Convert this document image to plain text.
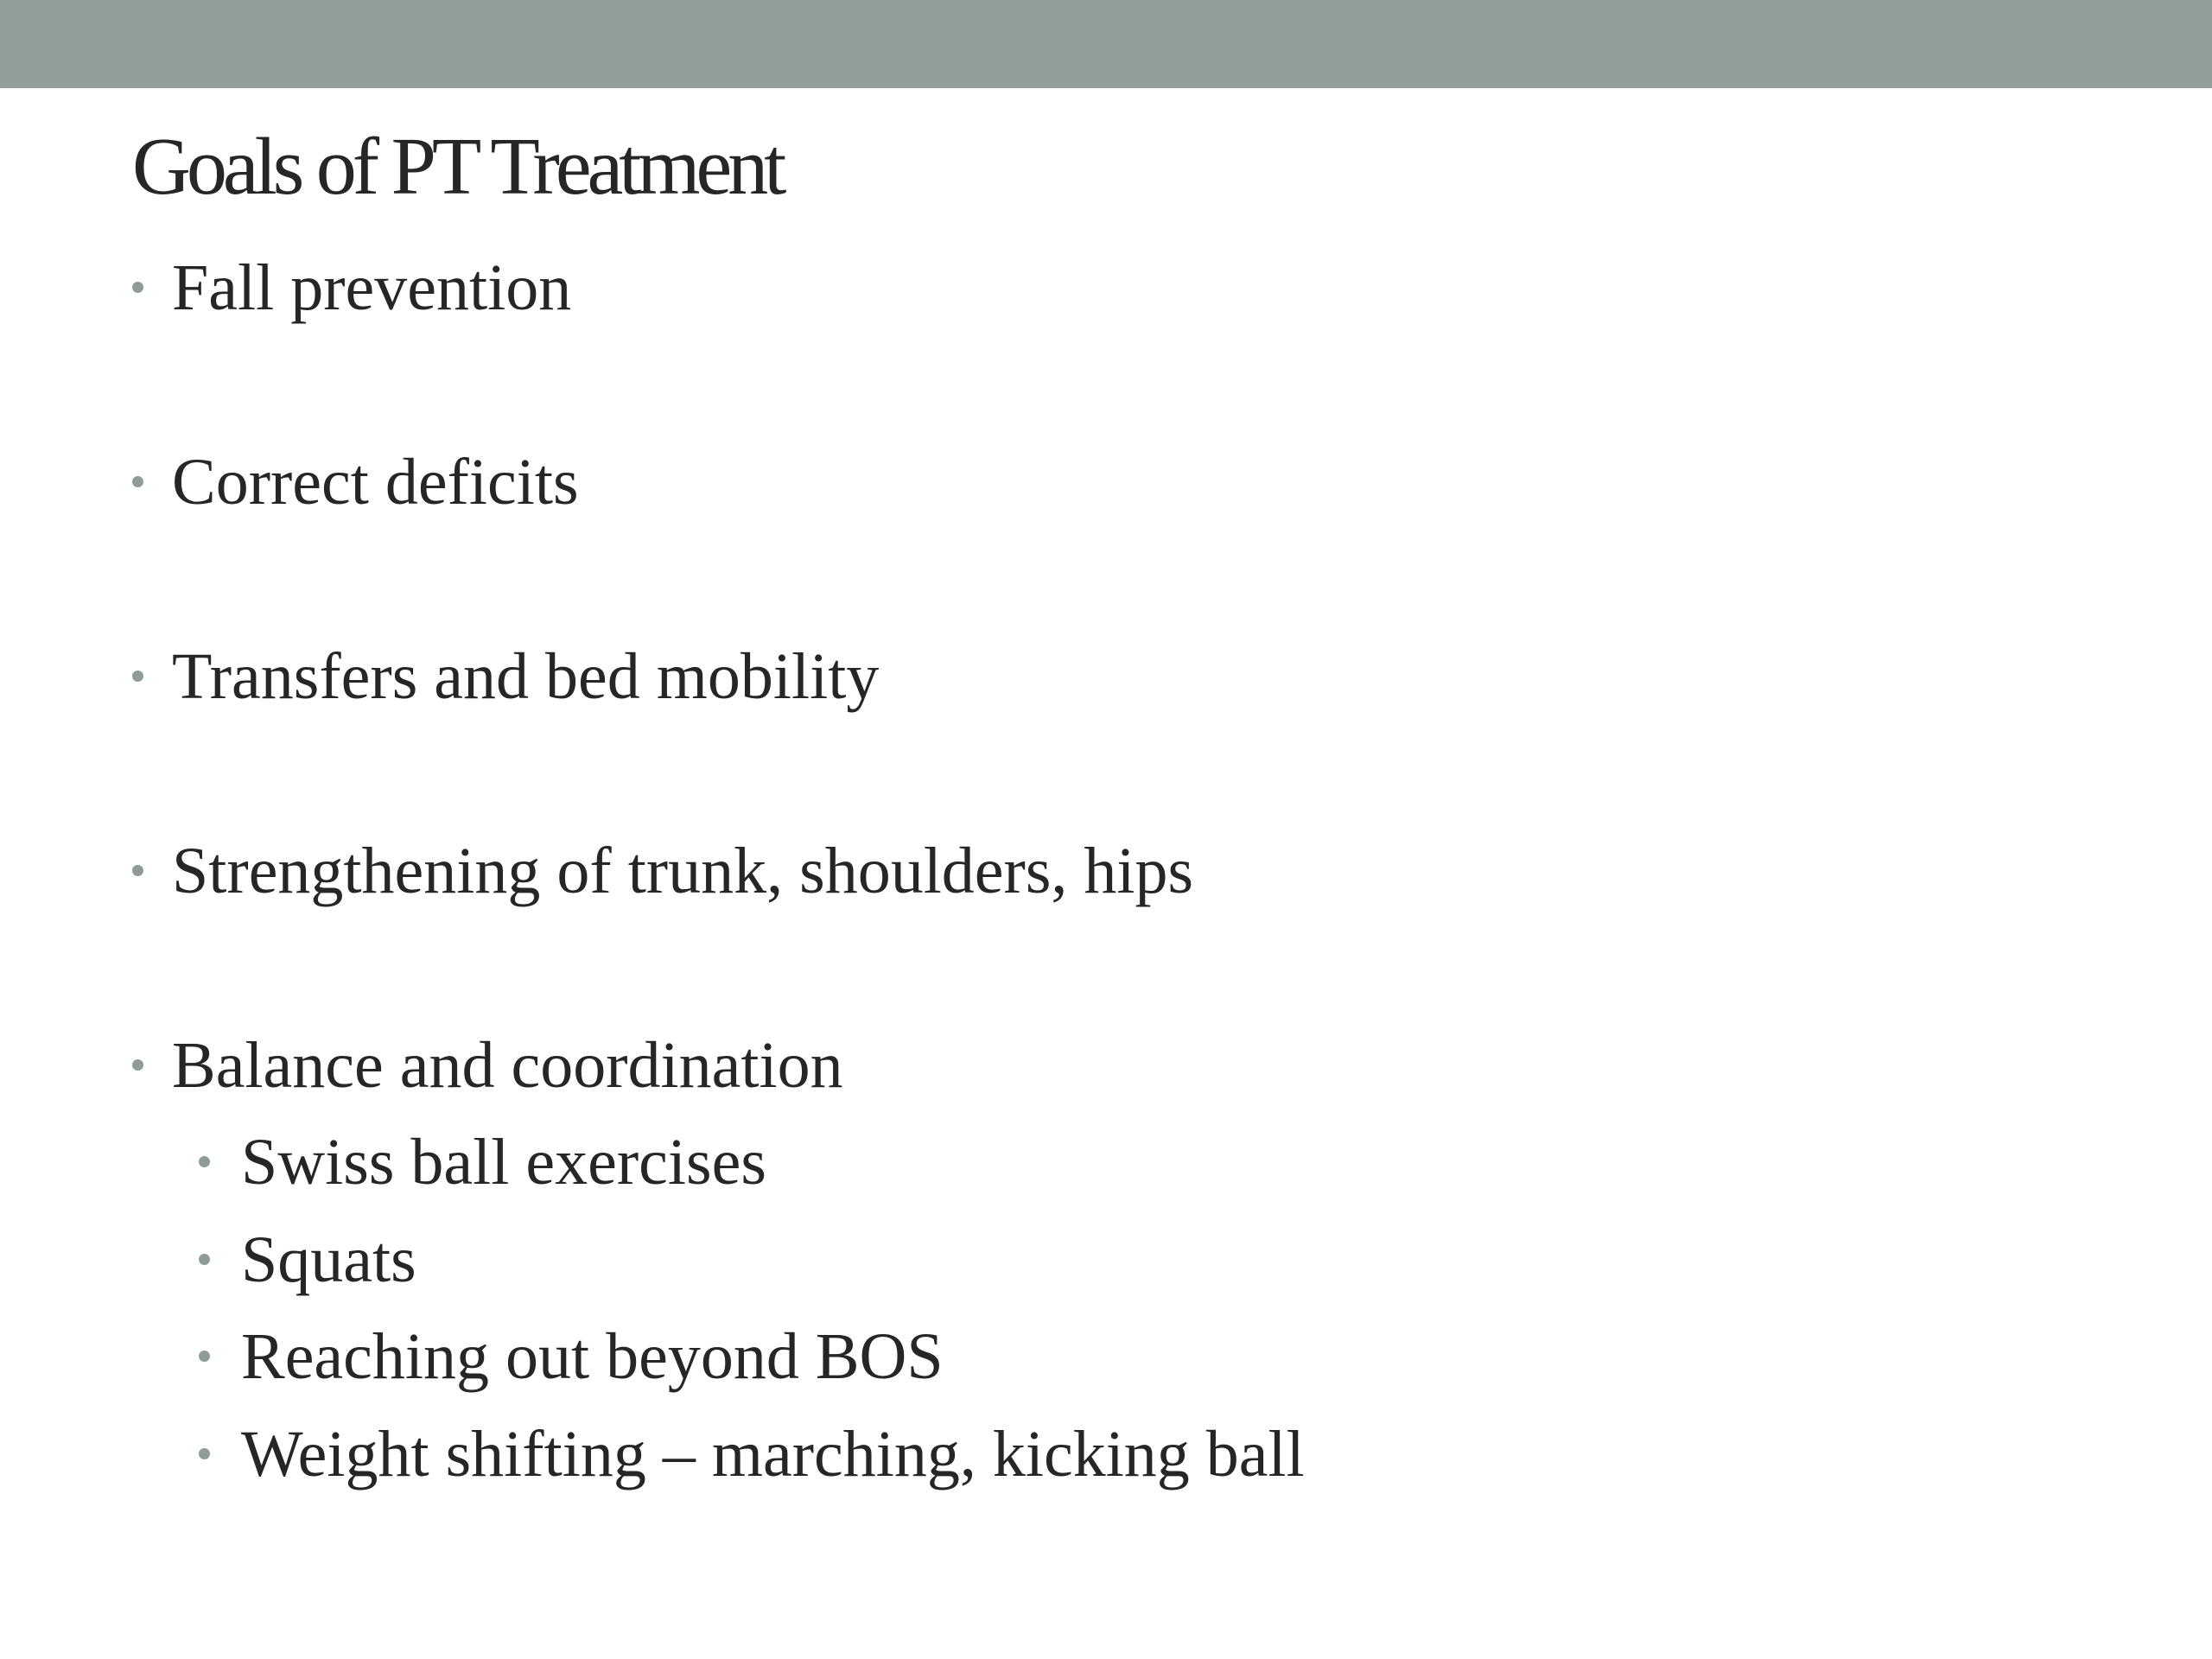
Goals of PT Treatment
Fall prevention
Correct deficits
Transfers and bed mobility
Strengthening of trunk, shoulders, hips
Balance and coordination
Swiss ball exercises
Squats
Reaching out beyond BOS
Weight shifting – marching, kicking ball
